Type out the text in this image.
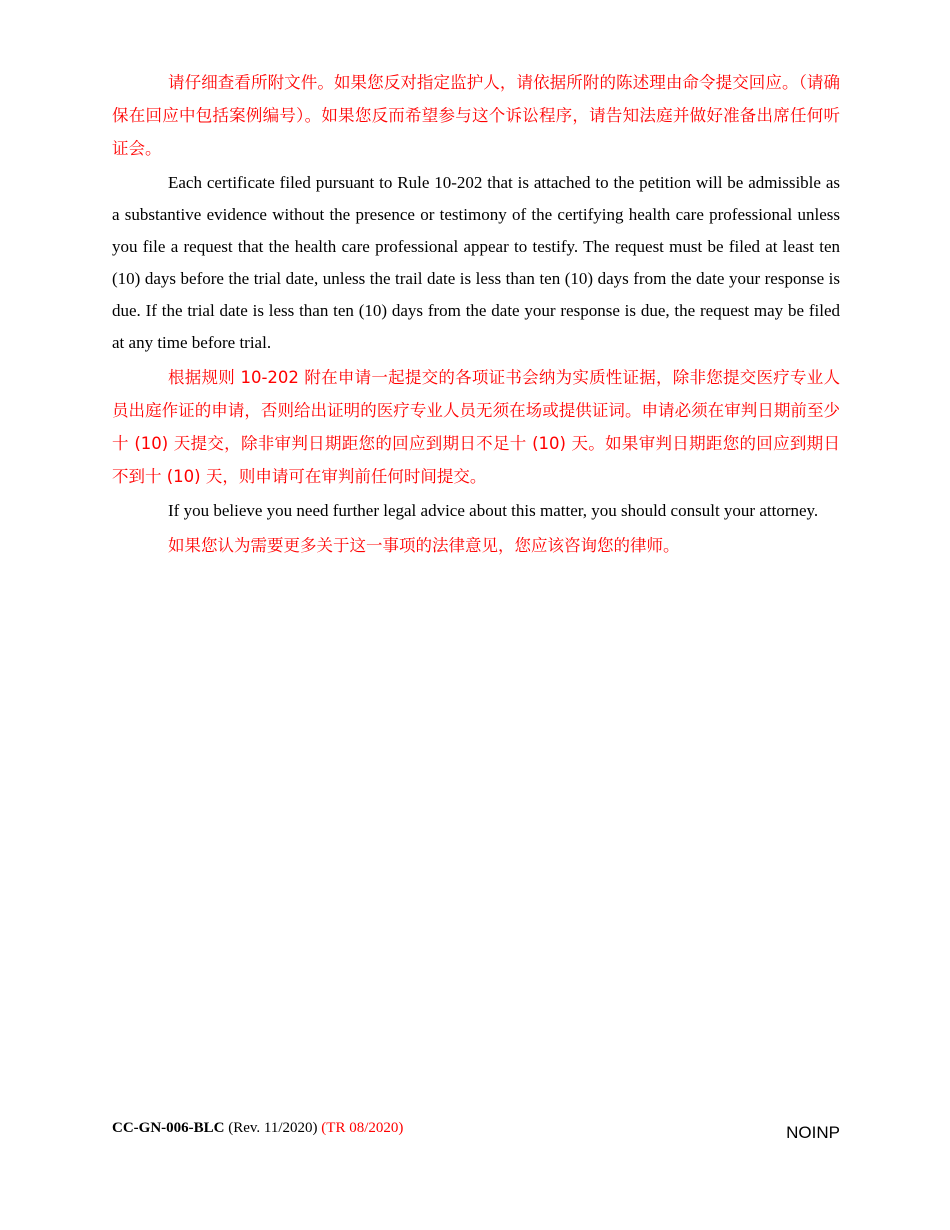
请仔细查看所附文件。如果您反对指定监护人，请依据所附的陈述理由命令提交回应。（请确保在回应中包括案例编号）。如果您反而希望参与这个诉讼程序，请告知法庭并做好准备出席任何听证会。

Each certificate filed pursuant to Rule 10-202 that is attached to the petition will be admissible as a substantive evidence without the presence or testimony of the certifying health care professional unless you file a request that the health care professional appear to testify. The request must be filed at least ten (10) days before the trial date, unless the trail date is less than ten (10) days from the date your response is due. If the trial date is less than ten (10) days from the date your response is due, the request may be filed at any time before trial.

根据规则 10-202 附在申请一起提交的各项证书会纳为实质性证据，除非您提交医疗专业人员出庭作证的申请，否则给出证明的医疗专业人员无须在场或提供证词。申请必须在审判日期前至少十 (10) 天提交，除非审判日期距您的回应到期日不足十 (10) 天。如果审判日期距您的回应到期日不到十 (10) 天，则申请可在审判前任何时间提交。

If you believe you need further legal advice about this matter, you should consult your attorney.

如果您认为需要更多关于这一事项的法律意见，您应该咨询您的律师。

CC-GN-006-BLC (Rev. 11/2020) (TR 08/2020)	NOINP
